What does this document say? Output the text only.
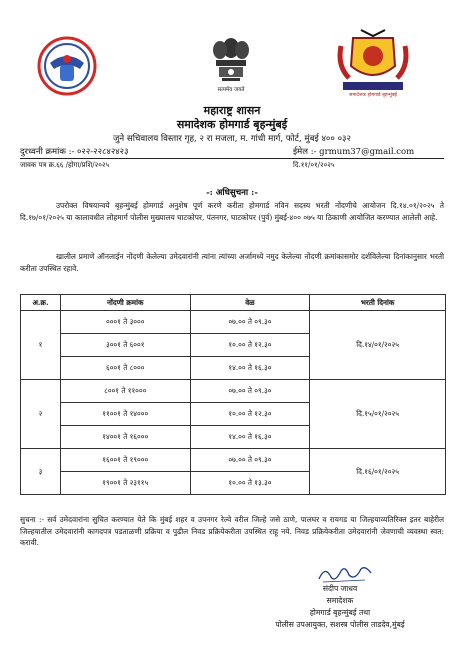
सत्यमेव जयते
समादेशक होमगार्ड बृहन्मुंबई
महाराष्ट्र शासन
समादेशक होमगार्ड बृहन्मुंबई
जुने सचिवालय विस्तार गृह, २ रा मजला, म. गांधी मार्ग, फोर्ट, मुंबई ४०० ०३२
दुरध्वनी क्रमांक :- ०२२-२२८४२४२३	ईमेल :- grmum37@gmail.com
जावक पत्र क्र.६६ /होगा/प्रशि/२०२५	दि.११/०१/२०२५
-: अधिसुचना :-
उपरोक्त विषयान्वये बृहन्मुंबई होमगार्ड अनुशेष पूर्ण करणे करीता होमगार्ड नविन सदस्य भरती नोंदणीचे आयोजन दि.१४.०१/२०२५ ते दि.१७/०१/२०२५ या कालावधीत लोहमार्ग पोलीस मुख्यालय घाटकोपर, पंतनगर, घाटकोपर (पुर्व) मुंबई-४०० ०७५ या ठिकाणी आयोजित करण्यात आलेली आहे.
खालील प्रमाणे ऑनलाईन नोंदणी केलेल्या उमेदवारांनी त्यांना त्यांच्या अर्जामध्ये नमुद केलेल्या नोंदणी क्रमांकासमोर दर्शविलेल्या दिनांकानुसार भरती करीता उपस्थित रहावे.
अ.क्र.	नोंदणी क्रमांक	वेळ	भरती दिनांक
१	०००१ ते ३०००	०७.०० ते ०९.३०	दि.१४/०१/२०२५
	३००१ ते ६००१	१०.०० ते १२.३०	
	६००१ ते ८०००	१४.०० ते १६.३०	
२	८००१ ते ११०००	०७.०० ते ०९.३०	दि.१५/०१/२०२५
	११००१ ते १४०००	१०.०० ते १२.३०	
	१४००१ ते १६०००	१४.०० ते १६.३०	
३	१६००१ ते १९०००	०७.०० ते ०९.३०	दि.१६/०१/२०२५
	१९००१ ते २३११५	१०.०० ते १३.३०	
सुचना :- सर्व उमेदवारांना सुचित करण्यात येते कि मुंबई शहर व उपनगर रेल्वे वरील जिल्हे जसे ठाणे, पालघर व रायगड या जिल्हयाव्यतिरिक्त इतर बाहेरील जिल्हयातील उमेदवारांनी कागदपत्र पडताळणी प्रक्रिया व पुढील निवड प्रक्रियेकरीता उपस्थित राहू नये. निवड प्रक्रियेकरीता उमेदवारांनी जेवणाची व्यवस्था स्वत: करावी.
संदीप जाधव
समादेशक
होमगार्ड बृहन्मुंबई तथा
पोलीस उपआयुक्त, सशस्त्र पोलीस ताडदेव,मुंबई
